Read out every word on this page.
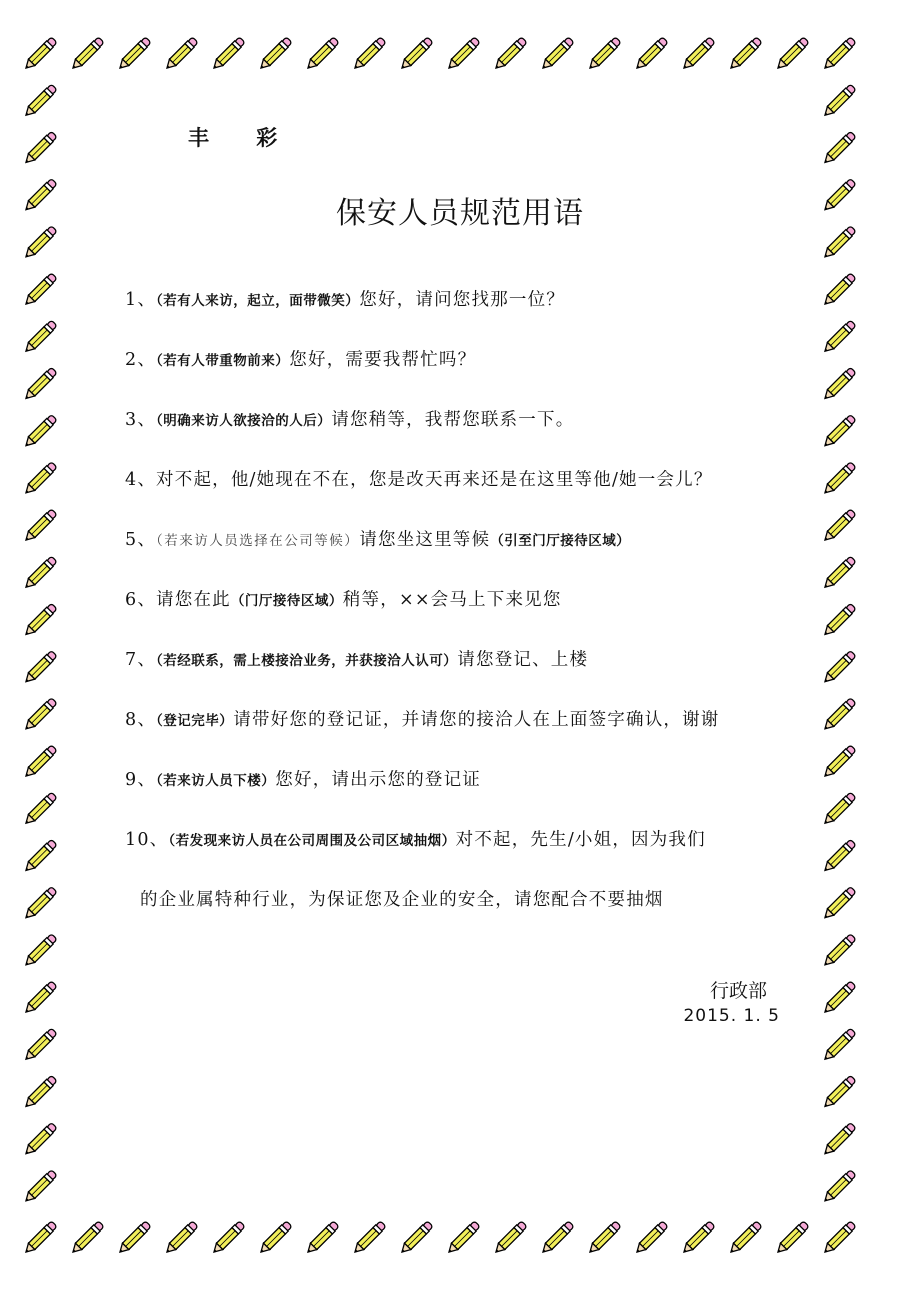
丰 彩

保安人员规范用语

1、（若有人来访，起立，面带微笑）您好，请问您找那一位？

2、（若有人带重物前来）您好，需要我帮忙吗？

3、（明确来访人欲接洽的人后）请您稍等，我帮您联系一下。

4、对不起，他/她现在不在，您是改天再来还是在这里等他/她一会儿？

5、（若来访人员选择在公司等候）请您坐这里等候（引至门厅接待区域）

6、请您在此（门厅接待区域）稍等，××会马上下来见您

7、（若经联系，需上楼接洽业务，并获接洽人认可）请您登记、上楼

8、（登记完毕）请带好您的登记证，并请您的接洽人在上面签字确认，谢谢

9、（若来访人员下楼）您好，请出示您的登记证

10、（若发现来访人员在公司周围及公司区域抽烟）对不起，先生/小姐，因为我们

的企业属特种行业，为保证您及企业的安全，请您配合不要抽烟

行政部

2015. 1. 5
